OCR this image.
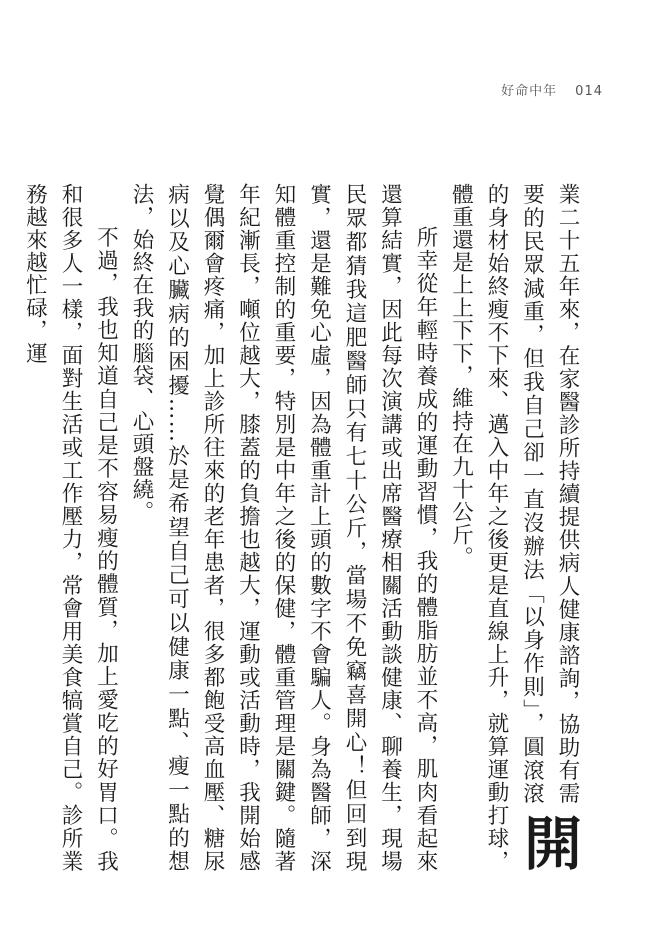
好命中年 014

開
業二十五年來，在家醫診所持續提供病人健康諮詢，協助有需要的民眾減重，但我自己卻一直沒辦法「以身作則」，圓滾滾的身材始終瘦不下來、邁入中年之後更是直線上升，就算運動打球，體重還是上上下下，維持在九十公斤。

所幸從年輕時養成的運動習慣，我的體脂肪並不高，肌肉看起來還算結實，因此每次演講或出席醫療相關活動談健康、聊養生，現場民眾都猜我這肥醫師只有七十公斤，當場不免竊喜開心！但回到現實，還是難免心虛，因為體重計上頭的數字不會騙人。身為醫師，深知體重控制的重要，特別是中年之後的保健，體重管理是關鍵。隨著年紀漸長，噸位越大，膝蓋的負擔也越大，運動或活動時，我開始感覺偶爾會疼痛，加上診所往來的老年患者，很多都飽受高血壓、糖尿病以及心臟病的困擾……於是希望自己可以健康一點、瘦一點的想法，始終在我的腦袋、心頭盤繞。

不過，我也知道自己是不容易瘦的體質，加上愛吃的好胃口。我和很多人一樣，面對生活或工作壓力，常會用美食犒賞自己。診所業務越來越忙碌，運
